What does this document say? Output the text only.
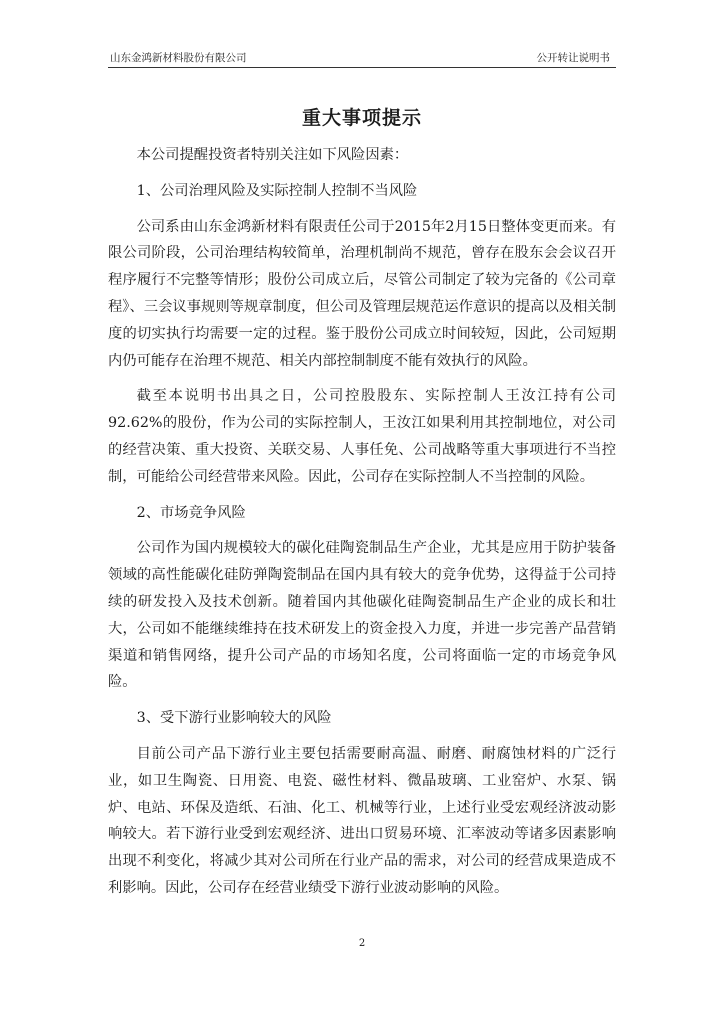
山东金鸿新材料股份有限公司	公开转让说明书
重大事项提示

本公司提醒投资者特别关注如下风险因素：

1、公司治理风险及实际控制人控制不当风险

公司系由山东金鸿新材料有限责任公司于2015年2月15日整体变更而来。有限公司阶段，公司治理结构较简单，治理机制尚不规范，曾存在股东会会议召开程序履行不完整等情形；股份公司成立后，尽管公司制定了较为完备的《公司章程》、三会议事规则等规章制度，但公司及管理层规范运作意识的提高以及相关制度的切实执行均需要一定的过程。鉴于股份公司成立时间较短，因此，公司短期内仍可能存在治理不规范、相关内部控制制度不能有效执行的风险。

截至本说明书出具之日，公司控股股东、实际控制人王汝江持有公司92.62%的股份，作为公司的实际控制人，王汝江如果利用其控制地位，对公司的经营决策、重大投资、关联交易、人事任免、公司战略等重大事项进行不当控制，可能给公司经营带来风险。因此，公司存在实际控制人不当控制的风险。

2、市场竞争风险

公司作为国内规模较大的碳化硅陶瓷制品生产企业，尤其是应用于防护装备领域的高性能碳化硅防弹陶瓷制品在国内具有较大的竞争优势，这得益于公司持续的研发投入及技术创新。随着国内其他碳化硅陶瓷制品生产企业的成长和壮大，公司如不能继续维持在技术研发上的资金投入力度，并进一步完善产品营销渠道和销售网络，提升公司产品的市场知名度，公司将面临一定的市场竞争风险。

3、受下游行业影响较大的风险

目前公司产品下游行业主要包括需要耐高温、耐磨、耐腐蚀材料的广泛行业，如卫生陶瓷、日用瓷、电瓷、磁性材料、微晶玻璃、工业窑炉、水泵、锅炉、电站、环保及造纸、石油、化工、机械等行业，上述行业受宏观经济波动影响较大。若下游行业受到宏观经济、进出口贸易环境、汇率波动等诸多因素影响出现不利变化，将减少其对公司所在行业产品的需求，对公司的经营成果造成不利影响。因此，公司存在经营业绩受下游行业波动影响的风险。

2
